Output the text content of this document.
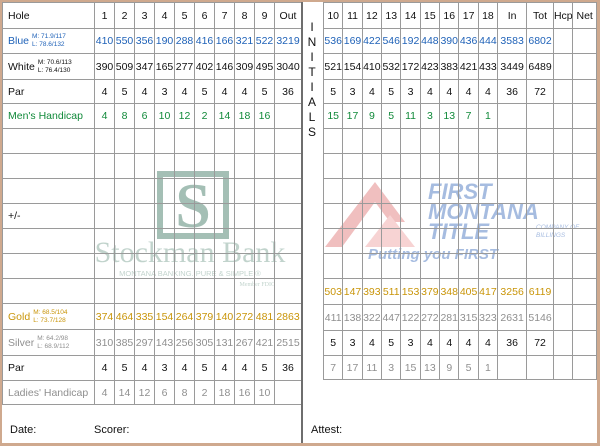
S
Stockman Bank
MONTANA BANKING. PURE & SIMPLE.®
Member FDIC
FIRST
MONTANA
TITLE	COMPANY OF
BILLINGS
Putting you FIRST
Hole	1	2	3	4	5	6	7	8	9	Out
Blue M: 71.9/117
L: 78.6/132	410	550	356	190	288	416	166	321	522	3219
White M: 70.6/113
L: 76.4/130	390	509	347	165	277	402	146	309	495	3040
Par	4	5	4	3	4	5	4	4	5	36
Men's Handicap	4	8	6	10	12	2	14	18	16	

+/-										

Gold M: 68.5/104
L: 73.7/128	374	464	335	154	264	379	140	272	481	2863
Silver M: 64.2/98
L: 68.9/112	310	385	297	143	256	305	131	267	421	2515
Par	4	5	4	3	4	5	4	4	5	36
Ladies' Handicap	4	14	12	6	8	2	18	16	10	
I
N
I
T
I
A
L
S
10	11	12	13	14	15	16	17	18	In	Tot	Hcp	Net
536	169	422	546	192	448	390	436	444	3583	6802		
521	154	410	532	172	423	383	421	433	3449	6489		
5	3	4	5	3	4	4	4	4	36	72		
15	17	9	5	11	3	13	7	1				

503	147	393	511	153	379	348	405	417	3256	6119		
411	138	322	447	122	272	281	315	323	2631	5146		
5	3	4	5	3	4	4	4	4	36	72		
7	17	11	3	15	13	9	5	1				
Date:	Scorer:	Attest:
